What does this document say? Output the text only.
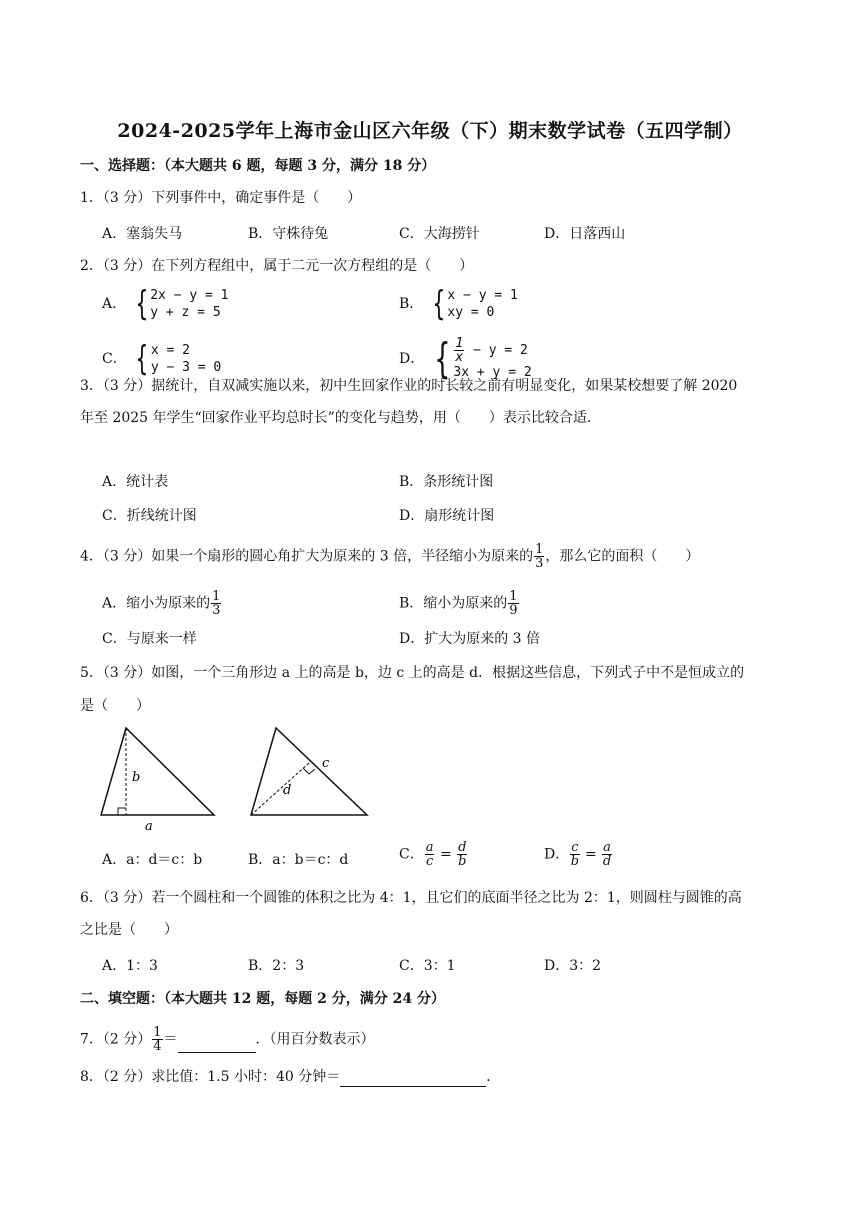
2024-2025学年上海市金山区六年级（下）期末数学试卷（五四学制）
一、选择题：（本大题共 6 题，每题 3 分，满分 18 分）
1．（3 分）下列事件中，确定事件是（　　）
A．塞翁失马	B．守株待兔	C．大海捞针	D．日落西山
2．（3 分）在下列方程组中，属于二元一次方程组的是（　　）
A． { 2x − y = 1
y + z = 5
B． { x − y = 1
xy = 0
C． { x = 2
y − 3 = 0
D． { $\frac{1}{x} - y = 2$
3x + y = 2
3．（3 分）据统计，自双减实施以来，初中生回家作业的时长较之前有明显变化，如果某校想要了解 2020
年至 2025 年学生“回家作业平均总时长”的变化与趋势，用（　　）表示比较合适．
A．统计表	B．条形统计图
C．折线统计图	D．扇形统计图
4．（3 分）如果一个扇形的圆心角扩大为原来的 3 倍，半径缩小为原来的 $\frac{1}{3}$ ，那么它的面积（　　）
A．缩小为原来的 $\frac{1}{3}$	B．缩小为原来的 $\frac{1}{9}$
C．与原来一样	D．扩大为原来的 3 倍
5．（3 分）如图，一个三角形边 a 上的高是 b，边 c 上的高是 d．根据这些信息，下列式子中不是恒成立的
是（　　）
b
a
c
d
A．a：d＝c：b	B．a：b＝c：d	C． $\frac{a}{c} = \frac{d}{b}$	D． $\frac{c}{b} = \frac{a}{d}$
6．（3 分）若一个圆柱和一个圆锥的体积之比为 4：1，且它们的底面半径之比为 2：1，则圆柱与圆锥的高
之比是（　　）
A．1：3	B．2：3	C．3：1	D．3：2
二、填空题：（本大题共 12 题，每题 2 分，满分 24 分）
7．（2 分） $\frac{1}{4}$ ＝	．（用百分数表示）
8．（2 分）求比值：1.5 小时：40 分钟＝	．
